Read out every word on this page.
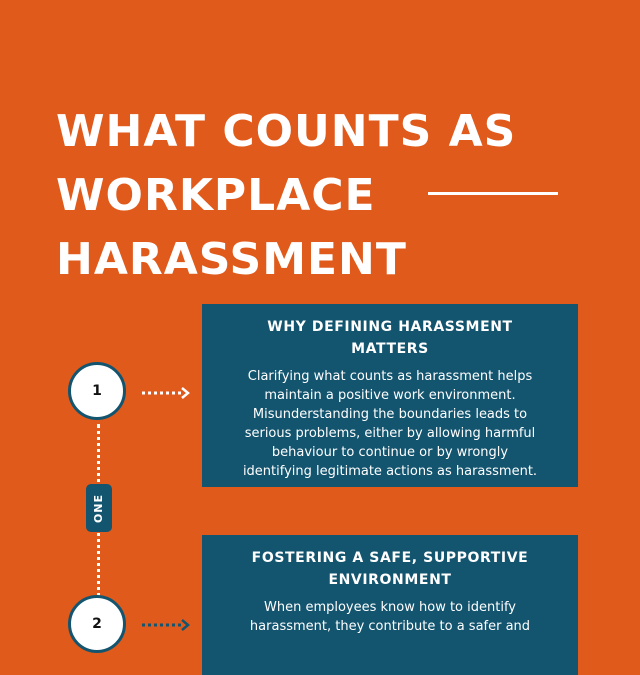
WHAT COUNTS AS
WORKPLACE
HARASSMENT
1
WHY DEFINING HARASSMENT
MATTERS
Clarifying what counts as harassment helps
maintain a positive work environment.
Misunderstanding the boundaries leads to
serious problems, either by allowing harmful
behaviour to continue or by wrongly
identifying legitimate actions as harassment.
ONE
2
FOSTERING A SAFE, SUPPORTIVE
ENVIRONMENT
When employees know how to identify
harassment, they contribute to a safer and
